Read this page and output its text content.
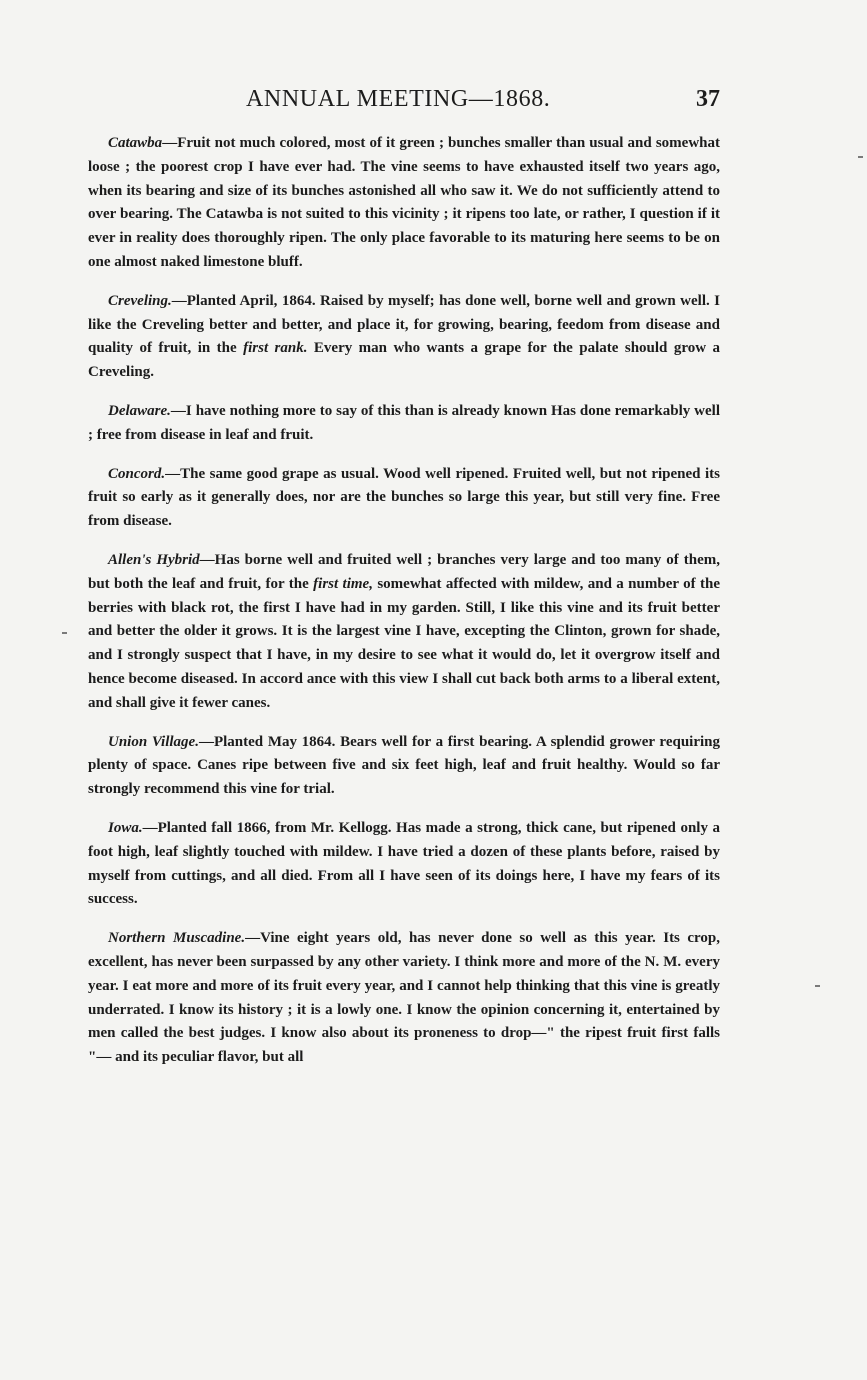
ANNUAL MEETING—1868.	37

Catawba—Fruit not much colored, most of it green ; bunches smaller than usual and somewhat loose ; the poorest crop I have ever had. The vine seems to have exhausted itself two years ago, when its bearing and size of its bunches astonished all who saw it. We do not sufficiently attend to over bearing. The Catawba is not suited to this vicinity ; it ripens too late, or rather, I question if it ever in reality does thoroughly ripen. The only place favorable to its maturing here seems to be on one almost naked limestone bluff.

Creveling.—Planted April, 1864. Raised by myself; has done well, borne well and grown well. I like the Creveling better and better, and place it, for growing, bearing, feedom from disease and quality of fruit, in the first rank. Every man who wants a grape for the palate should grow a Creveling.

Delaware.—I have nothing more to say of this than is already known Has done remarkably well ; free from disease in leaf and fruit.

Concord.—The same good grape as usual. Wood well ripened. Fruited well, but not ripened its fruit so early as it generally does, nor are the bunches so large this year, but still very fine. Free from disease.

Allen's Hybrid—Has borne well and fruited well ; branches very large and too many of them, but both the leaf and fruit, for the first time, somewhat affected with mildew, and a number of the berries with black rot, the first I have had in my garden. Still, I like this vine and its fruit better and better the older it grows. It is the largest vine I have, excepting the Clinton, grown for shade, and I strongly suspect that I have, in my desire to see what it would do, let it overgrow itself and hence become diseased. In accord ance with this view I shall cut back both arms to a liberal extent, and shall give it fewer canes.

Union Village.—Planted May 1864. Bears well for a first bearing. A splendid grower requiring plenty of space. Canes ripe between five and six feet high, leaf and fruit healthy. Would so far strongly recommend this vine for trial.

Iowa.—Planted fall 1866, from Mr. Kellogg. Has made a strong, thick cane, but ripened only a foot high, leaf slightly touched with mildew. I have tried a dozen of these plants before, raised by myself from cuttings, and all died. From all I have seen of its doings here, I have my fears of its success.

Northern Muscadine.—Vine eight years old, has never done so well as this year. Its crop, excellent, has never been surpassed by any other variety. I think more and more of the N. M. every year. I eat more and more of its fruit every year, and I cannot help thinking that this vine is greatly underrated. I know its history ; it is a lowly one. I know the opinion concerning it, entertained by men called the best judges. I know also about its proneness to drop—" the ripest fruit first falls "— and its peculiar flavor, but all
